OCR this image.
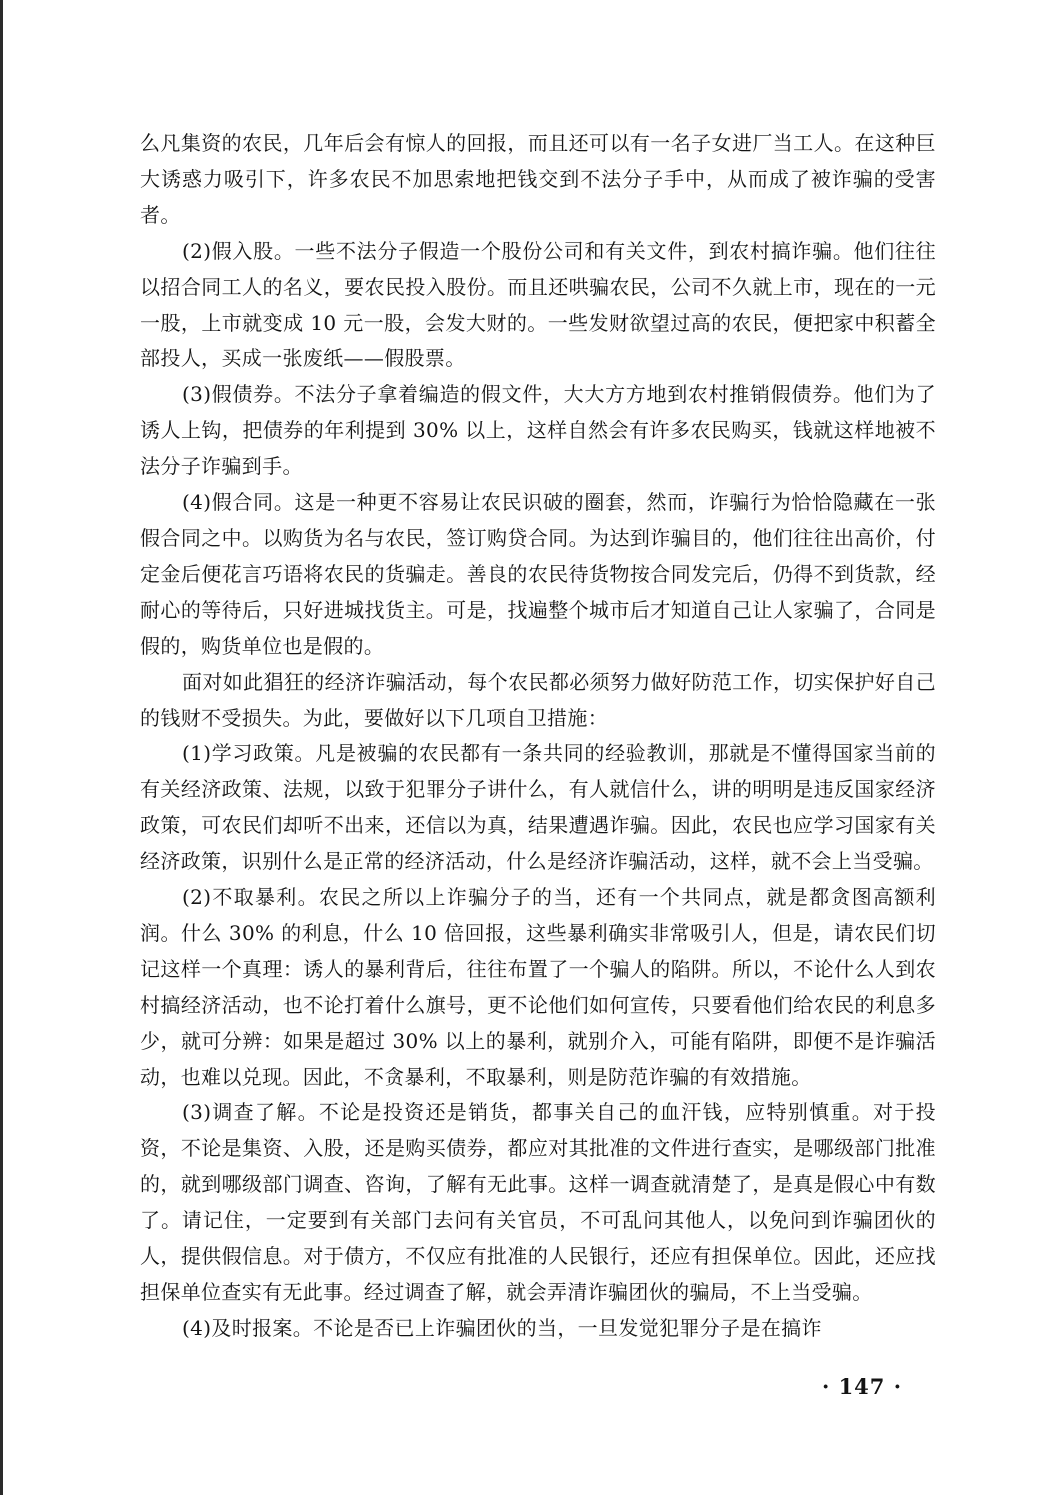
么凡集资的农民，几年后会有惊人的回报，而且还可以有一名子女进厂当工人。在这种巨大诱惑力吸引下，许多农民不加思索地把钱交到不法分子手中，从而成了被诈骗的受害者。

(2)假入股。一些不法分子假造一个股份公司和有关文件，到农村搞诈骗。他们往往以招合同工人的名义，要农民投入股份。而且还哄骗农民，公司不久就上市，现在的一元一股，上市就变成 10 元一股，会发大财的。一些发财欲望过高的农民，便把家中积蓄全部投人，买成一张废纸——假股票。

(3)假债券。不法分子拿着编造的假文件，大大方方地到农村推销假债券。他们为了诱人上钩，把债券的年利提到 30% 以上，这样自然会有许多农民购买，钱就这样地被不法分子诈骗到手。

(4)假合同。这是一种更不容易让农民识破的圈套，然而，诈骗行为恰恰隐藏在一张假合同之中。以购货为名与农民，签订购贷合同。为达到诈骗目的，他们往往出高价，付定金后便花言巧语将农民的货骗走。善良的农民待货物按合同发完后，仍得不到货款，经耐心的等待后，只好进城找货主。可是，找遍整个城市后才知道自己让人家骗了，合同是假的，购货单位也是假的。

面对如此猖狂的经济诈骗活动，每个农民都必须努力做好防范工作，切实保护好自己的钱财不受损失。为此，要做好以下几项自卫措施：

(1)学习政策。凡是被骗的农民都有一条共同的经验教训，那就是不懂得国家当前的有关经济政策、法规，以致于犯罪分子讲什么，有人就信什么，讲的明明是违反国家经济政策，可农民们却听不出来，还信以为真，结果遭遇诈骗。因此，农民也应学习国家有关经济政策，识别什么是正常的经济活动，什么是经济诈骗活动，这样，就不会上当受骗。

(2)不取暴利。农民之所以上诈骗分子的当，还有一个共同点，就是都贪图高额利润。什么 30% 的利息，什么 10 倍回报，这些暴利确实非常吸引人，但是，请农民们切记这样一个真理：诱人的暴利背后，往往布置了一个骗人的陷阱。所以，不论什么人到农村搞经济活动，也不论打着什么旗号，更不论他们如何宣传，只要看他们给农民的利息多少，就可分辨：如果是超过 30% 以上的暴利，就别介入，可能有陷阱，即便不是诈骗活动，也难以兑现。因此，不贪暴利，不取暴利，则是防范诈骗的有效措施。

(3)调查了解。不论是投资还是销货，都事关自己的血汗钱，应特别慎重。对于投资，不论是集资、入股，还是购买债券，都应对其批准的文件进行查实，是哪级部门批准的，就到哪级部门调查、咨询，了解有无此事。这样一调查就清楚了，是真是假心中有数了。请记住，一定要到有关部门去问有关官员，不可乱问其他人，以免问到诈骗团伙的人，提供假信息。对于债方，不仅应有批准的人民银行，还应有担保单位。因此，还应找担保单位查实有无此事。经过调查了解，就会弄清诈骗团伙的骗局，不上当受骗。

(4)及时报案。不论是否已上诈骗团伙的当，一旦发觉犯罪分子是在搞诈

· 147 ·
